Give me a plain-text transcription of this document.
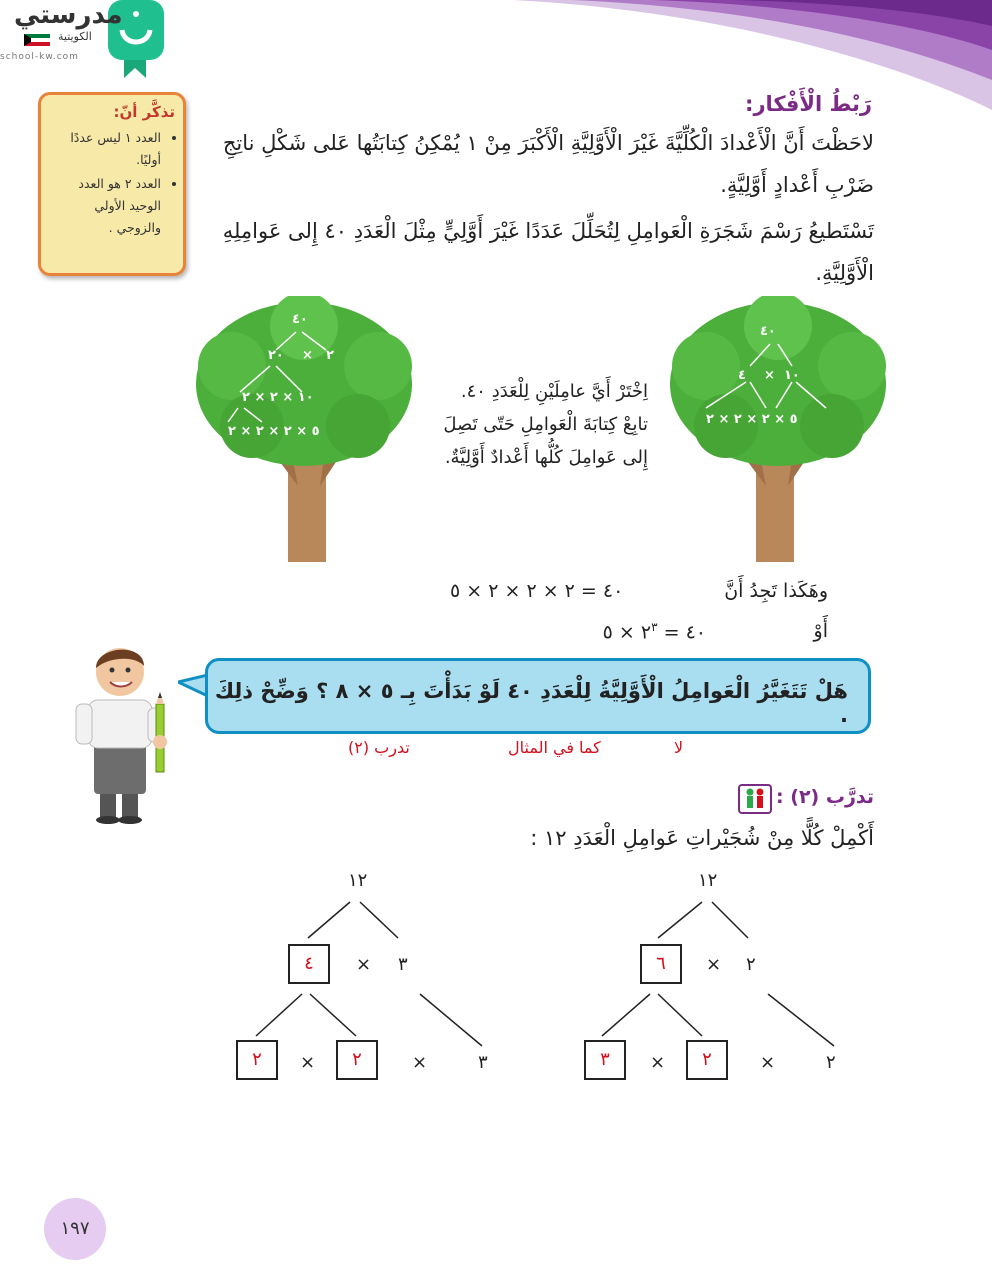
مدرستي
الكويتية
school-kw.com
تذكَّر أنّ:
• العدد ١ ليس عددًا أوليًا.
• العدد ٢ هو العدد الوحيد الأولي والزوجي .
رَبْطُ الْأَفْكار:
لاحَظْتَ أَنَّ الْأَعْدادَ الْكُلِّيَّةَ غَيْرَ الْأَوَّلِيَّةِ الْأَكْبَرَ مِنْ ١ يُمْكِنُ كِتابَتُها عَلى شَكْلِ ناتِجِ ضَرْبِ أَعْدادٍ أَوَّلِيَّةٍ.
تَسْتَطيعُ رَسْمَ شَجَرَةِ الْعَوامِلِ لِتُحَلِّلَ عَدَدًا غَيْرَ أَوَّلِيٍّ مِثْلَ الْعَدَدِ ٤٠ إِلى عَوامِلِهِ الْأَوَّلِيَّةِ.
٤٠
١٠
×
٤
٥ × ٢ × ٢ × ٢
٤٠
٢٠ × ٢
١٠ × ٢ × ٢
٥ × ٢ × ٢ × ٢
اِخْتَرْ أَيَّ عامِلَيْنِ لِلْعَدَدِ ٤٠.
تابِعْ كِتابَةَ الْعَوامِلِ حَتّى تَصِلَ إِلى عَوامِلَ كُلُّها أَعْدادٌ أَوَّلِيَّةٌ.
وهَكَذا تَجِدُ أَنَّ
٤٠ = ٢ × ٢ × ٢ × ٥
أَوْ
٤٠ = $٢^٣$ × ٥
هَلْ تَتَغَيَّرُ الْعَوامِلُ الْأَوَّلِيَّةُ لِلْعَدَدِ ٤٠ لَوْ بَدَأْتَ بِـ ٥ × ٨ ؟ وَضِّحْ ذلِكَ .
لا
كما في المثال
تدرب (٢)
تدرَّب (٢) :
أَكْمِلْ كُلًّا مِنْ شُجَيْراتِ عَوامِلِ الْعَدَدِ ١٢ :
١٢
٦	× ٢
٢
×
٣	×	٢
١٢
٤	× ٣
٢
×
٢	×	٣
١٩٧
